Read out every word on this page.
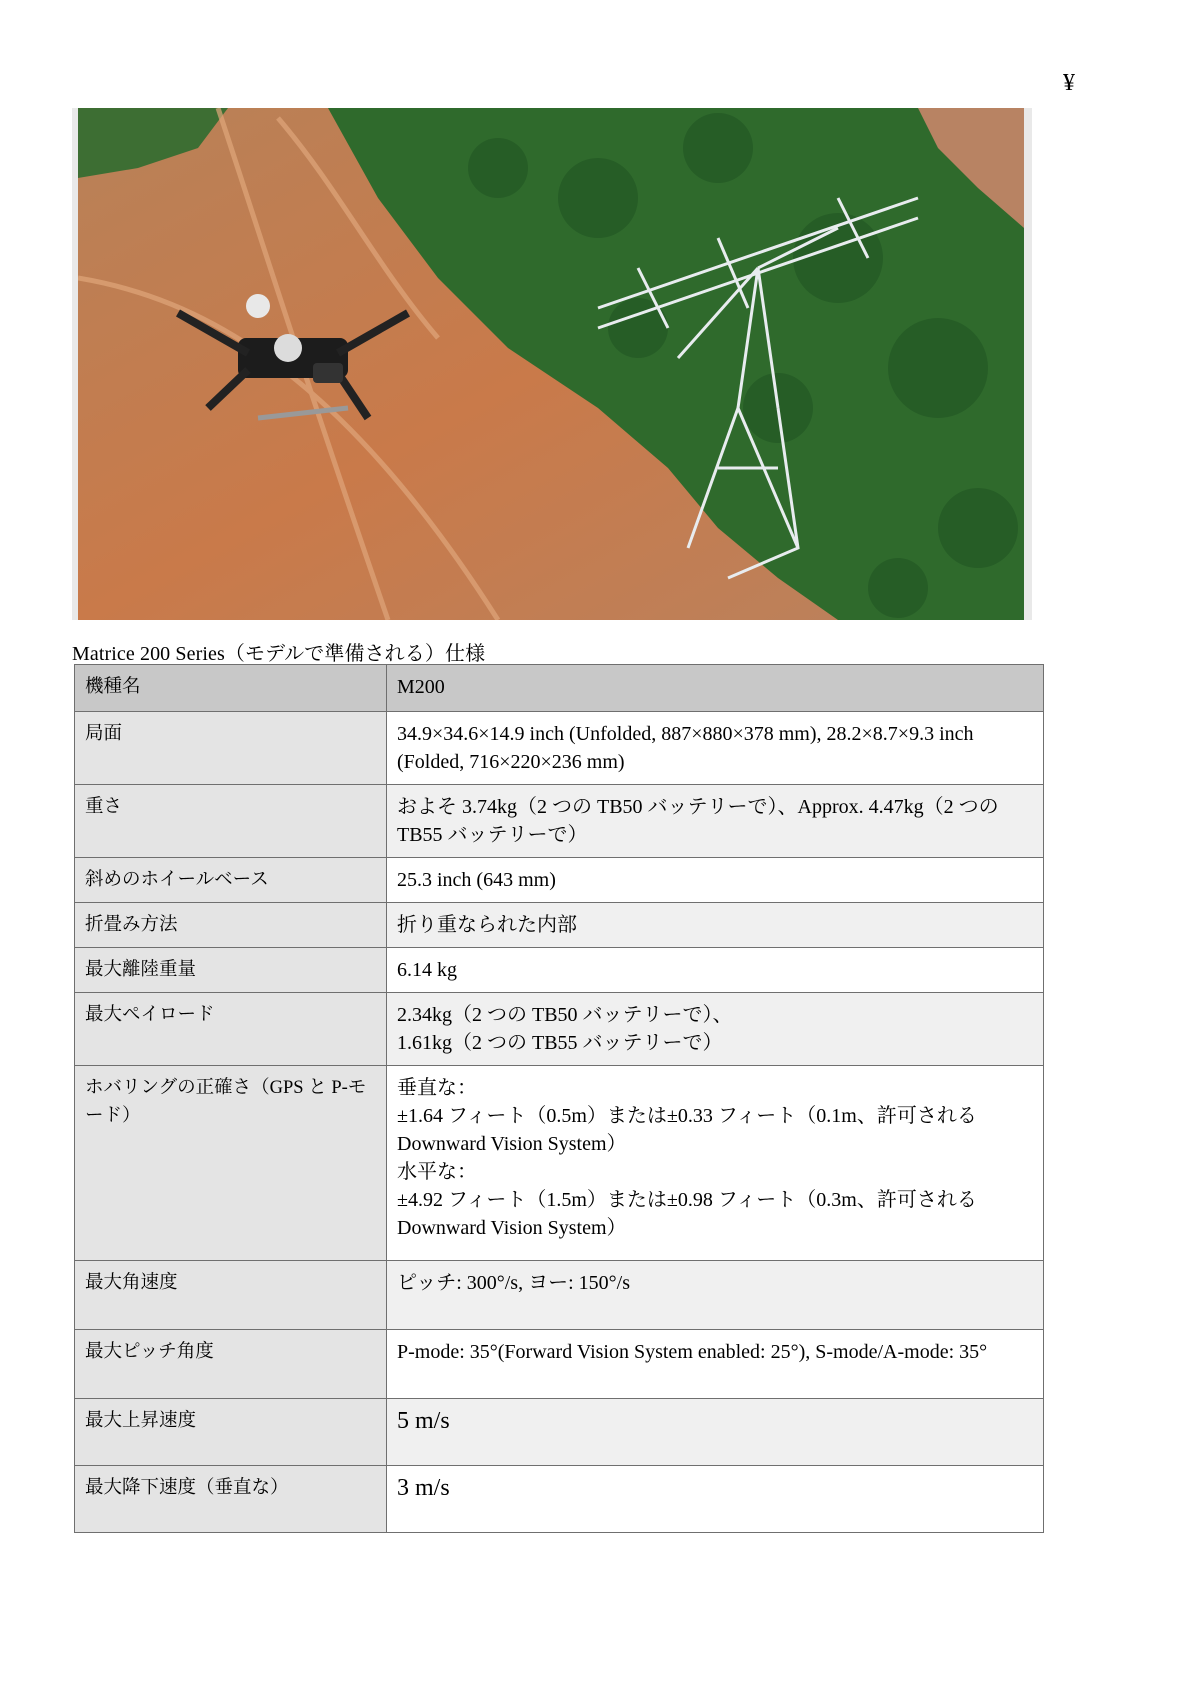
¥
Matrice 200 Series（モデルで準備される）仕様
機種名	M200
局面	34.9×34.6×14.9 inch (Unfolded, 887×880×378 mm), 28.2×8.7×9.3 inch (Folded, 716×220×236 mm)

重さ	およそ 3.74kg（2 つの TB50 バッテリーで）、Approx. 4.47kg（2 つの TB55 バッテリーで）

斜めのホイールベース	25.3 inch (643 mm)

折畳み方法	折り重なられた内部

最大離陸重量	6.14 kg

最大ペイロード	2.34kg（2 つの TB50 バッテリーで）、
1.61kg（2 つの TB55 バッテリーで）

ホバリングの正確さ（GPS と P-モード）	垂直な：
±1.64 フィート（0.5m）または±0.33 フィート（0.1m、許可される Downward Vision System）
水平な：
±4.92 フィート（1.5m）または±0.98 フィート（0.3m、許可される Downward Vision System）

最大角速度	ピッチ: 300°/s, ヨー: 150°/s

最大ピッチ角度	P-mode: 35°(Forward Vision System enabled: 25°), S-mode/A-mode: 35°

最大上昇速度	5 m/s

最大降下速度（垂直な）	3 m/s
